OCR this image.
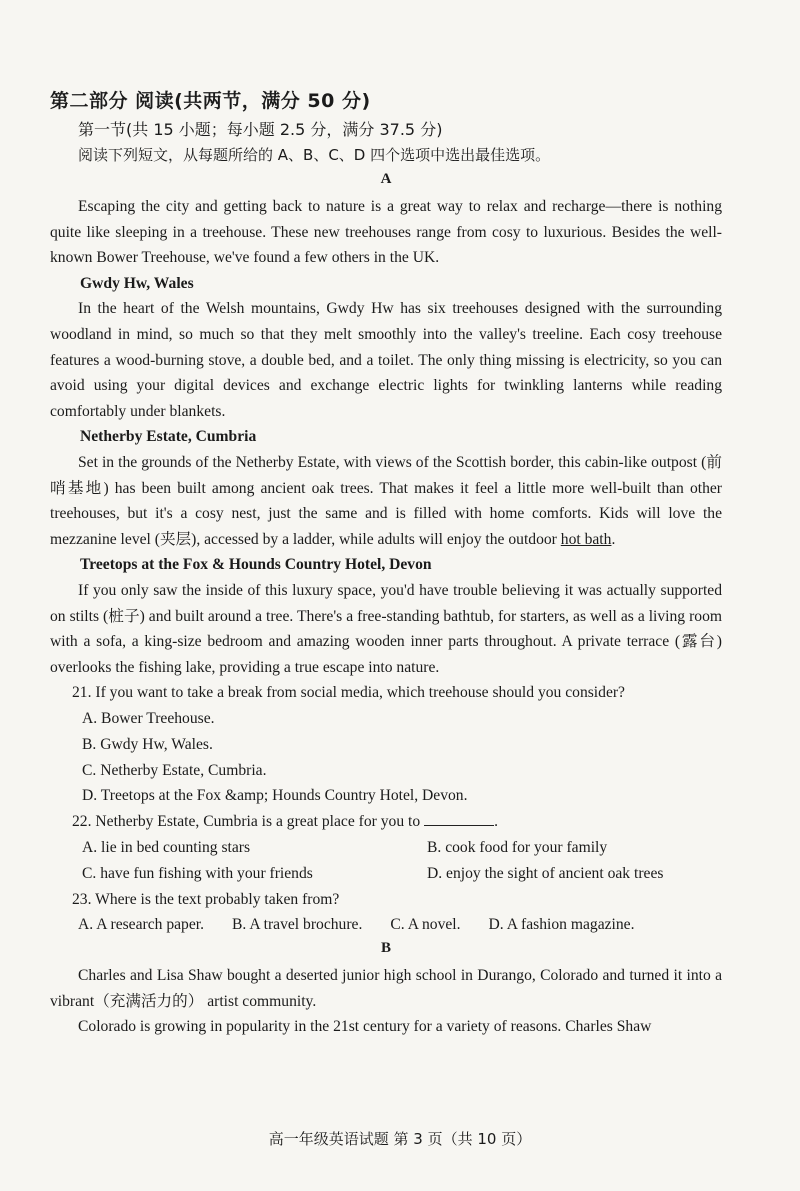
第二部分 阅读(共两节，满分 50 分)
第一节(共 15 小题；每小题 2.5 分，满分 37.5 分)
阅读下列短文，从每题所给的 A、B、C、D 四个选项中选出最佳选项。
A

Escaping the city and getting back to nature is a great way to relax and recharge—there is nothing quite like sleeping in a treehouse. These new treehouses range from cosy to luxurious. Besides the well-known Bower Treehouse, we've found a few others in the UK.

Gwdy Hw, Wales

In the heart of the Welsh mountains, Gwdy Hw has six treehouses designed with the surrounding woodland in mind, so much so that they melt smoothly into the valley's treeline. Each cosy treehouse features a wood-burning stove, a double bed, and a toilet. The only thing missing is electricity, so you can avoid using your digital devices and exchange electric lights for twinkling lanterns while reading comfortably under blankets.

Netherby Estate, Cumbria

Set in the grounds of the Netherby Estate, with views of the Scottish border, this cabin-like outpost (前哨基地) has been built among ancient oak trees. That makes it feel a little more well-built than other treehouses, but it's a cosy nest, just the same and is filled with home comforts. Kids will love the mezzanine level (夹层), accessed by a ladder, while adults will enjoy the outdoor hot bath.

Treetops at the Fox & Hounds Country Hotel, Devon

If you only saw the inside of this luxury space, you'd have trouble believing it was actually supported on stilts (桩子) and built around a tree. There's a free-standing bathtub, for starters, as well as a living room with a sofa, a king-size bedroom and amazing wooden inner parts throughout. A private terrace (露台) overlooks the fishing lake, providing a true escape into nature.

21. If you want to take a break from social media, which treehouse should you consider?
A. Bower Treehouse.
B. Gwdy Hw, Wales.
C. Netherby Estate, Cumbria.
D. Treetops at the Fox &amp; Hounds Country Hotel, Devon.
22. Netherby Estate, Cumbria is a great place for you to	.
A. lie in bed counting stars	B. cook food for your family
C. have fun fishing with your friends	D. enjoy the sight of ancient oak trees
23. Where is the text probably taken from?
A. A research paper. B. A travel brochure. C. A novel. D. A fashion magazine.
B

Charles and Lisa Shaw bought a deserted junior high school in Durango, Colorado and turned it into a vibrant（充满活力的） artist community.

Colorado is growing in popularity in the 21st century for a variety of reasons. Charles Shaw

高一年级英语试题 第 3 页（共 10 页）
